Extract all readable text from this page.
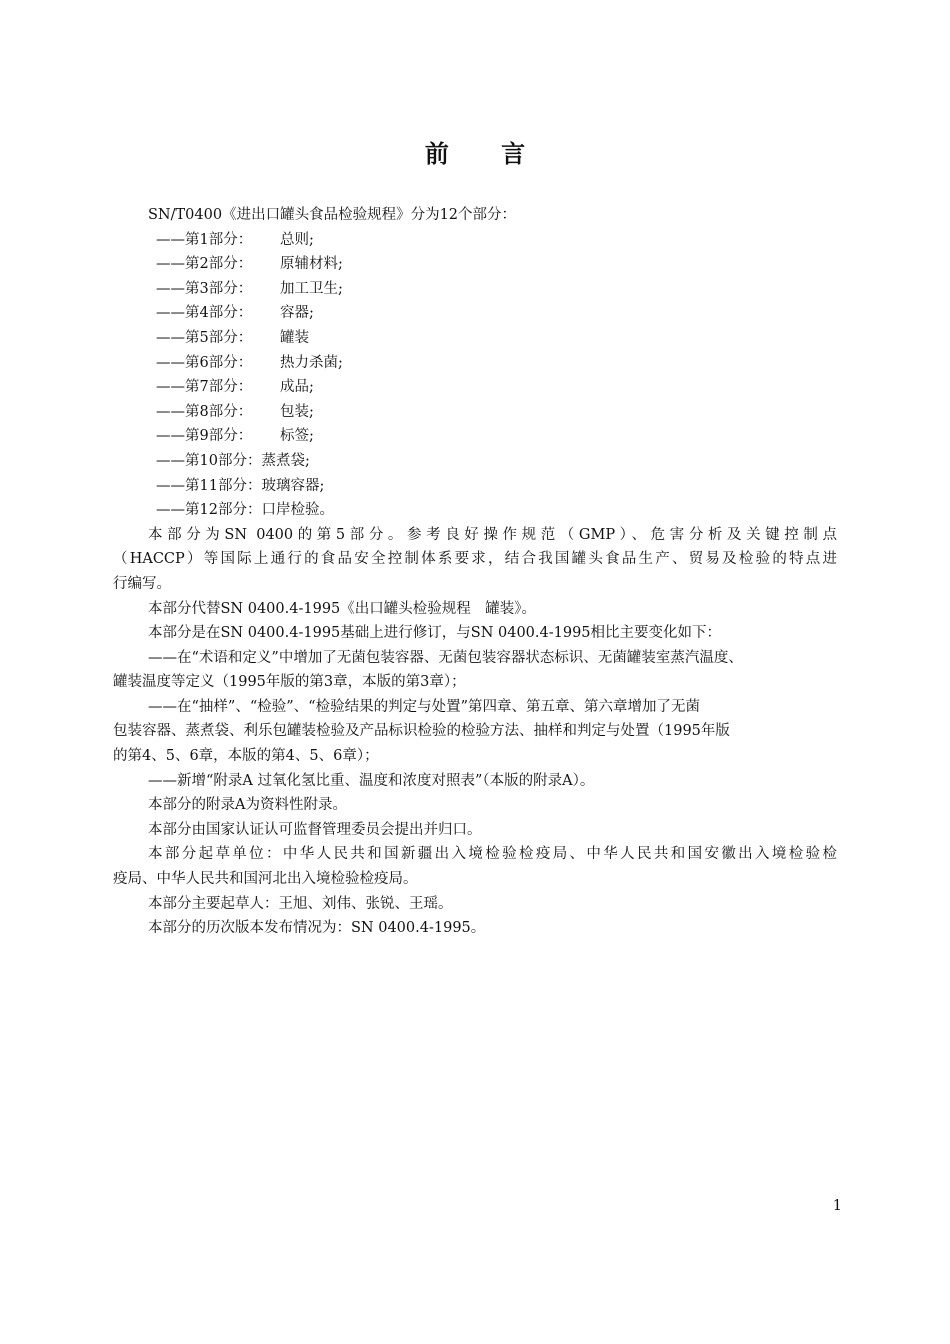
前 言
SN/T0400《进出口罐头食品检验规程》分为12个部分：
——第1部分： 总则;
——第2部分： 原辅材料;
——第3部分： 加工卫生;
——第4部分： 容器;
——第5部分： 罐装
——第6部分： 热力杀菌;
——第7部分： 成品;
——第8部分： 包装;
——第9部分： 标签;
——第10部分：蒸煮袋;
——第11部分：玻璃容器;
——第12部分：口岸检验。
本部分为SN 0400的第5部分。参考良好操作规范（GMP）、危害分析及关键控制点
（HACCP）等国际上通行的食品安全控制体系要求，结合我国罐头食品生产、贸易及检验的特点进
行编写。
本部分代替SN 0400.4-1995《出口罐头检验规程　罐装》。
本部分是在SN 0400.4-1995基础上进行修订，与SN 0400.4-1995相比主要变化如下：
——在“术语和定义”中增加了无菌包装容器、无菌包装容器状态标识、无菌罐装室蒸汽温度、
罐装温度等定义（1995年版的第3章，本版的第3章）；
——在“抽样”、“检验”、“检验结果的判定与处置”第四章、第五章、第六章增加了无菌
包装容器、蒸煮袋、利乐包罐装检验及产品标识检验的检验方法、抽样和判定与处置（1995年版
的第4、5、6章，本版的第4、5、6章）；
——新增“附录A 过氧化氢比重、温度和浓度对照表”（本版的附录A）。
本部分的附录A为资料性附录。
本部分由国家认证认可监督管理委员会提出并归口。
本部分起草单位：中华人民共和国新疆出入境检验检疫局、中华人民共和国安徽出入境检验检
疫局、中华人民共和国河北出入境检验检疫局。
本部分主要起草人：王旭、刘伟、张锐、王瑶。
本部分的历次版本发布情况为：SN 0400.4-1995。
1
